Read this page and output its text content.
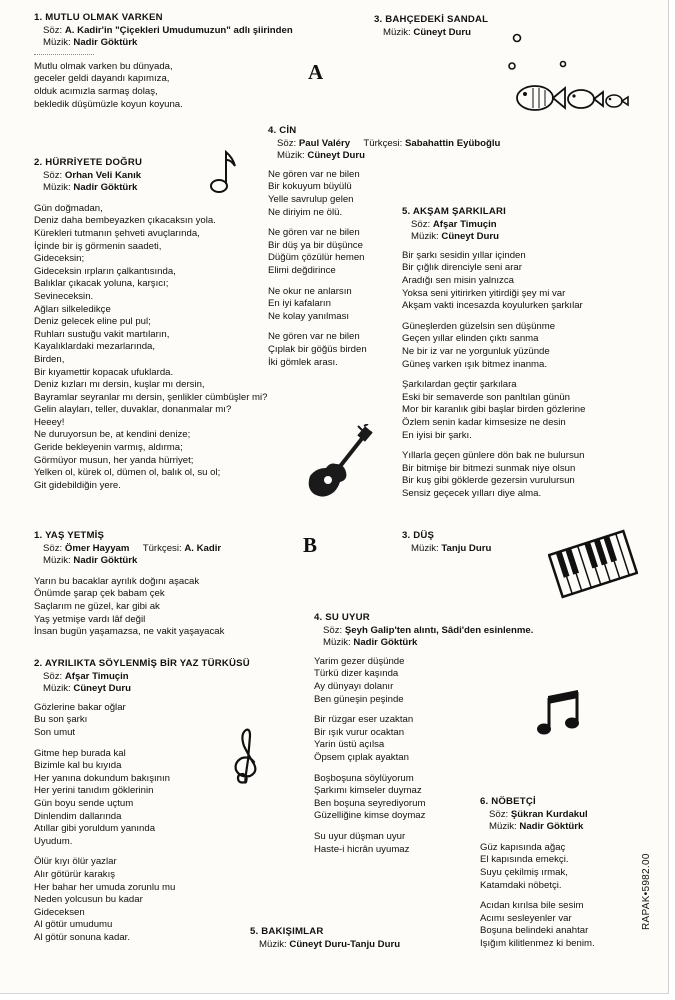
A
B
1. MUTLU OLMAK VARKEN
Söz: A. Kadir'in "Çiçekleri Umudumuzun" adlı şiirinden
Müzik: Nadir Göktürk
Mutlu olmak varken bu dünyada,
geceler geldi dayandı kapımıza,
olduk acımızla sarmaş dolaş,
bekledik düşümüzle koyun koyuna.
2. HÜRRİYETE DOĞRU
Söz: Orhan Veli Kanık
Müzik: Nadir Göktürk
Gün doğmadan,
Deniz daha bembeyazken çıkacaksın yola.
Kürekleri tutmanın şehveti avuçlarında,
İçinde bir iş görmenin saadeti,
Gideceksin;
Gideceksin ırpların çalkantısında,
Balıklar çıkacak yoluna, karşıcı;
Sevineceksin.
Ağları silkeledikçe
Deniz gelecek eline pul pul;
Ruhları sustuğu vakit martıların,
Kayalıklardaki mezarlarında,
Birden,
Bir kıyamettir kopacak ufuklarda.
Deniz kızları mı dersin, kuşlar mı dersin,
Bayramlar seyranlar mı dersin, şenlikler cümbüşler mi?
Gelin alayları, teller, duvaklar, donanmalar mı?
Heeey!
Ne duruyorsun be, at kendini denize;
Geride bekleyenin varmış, aldırma;
Görmüyor musun, her yanda hürriyet;
Yelken ol, kürek ol, dümen ol, balık ol, su ol;
Git gidebildiğin yere.
3. BAHÇEDEKİ SANDAL
Müzik: Cüneyt Duru
4. CİN
Söz: Paul Valéry Türkçesi: Sabahattin Eyüboğlu
Müzik: Cüneyt Duru
Ne gören var ne bilen
Bir kokuyum büyülü
Yelle savrulup gelen
Ne diriyim ne ölü.
Ne gören var ne bilen
Bir düş ya bir düşünce
Düğüm çözülür hemen
Elimi değdirince
Ne okur ne anlarsın
En iyi kafaların
Ne kolay yanılması
Ne gören var ne bilen
Çıplak bir göğüs birden
İki gömlek arası.
5. AKŞAM ŞARKILARI
Söz: Afşar Timuçin
Müzik: Cüneyt Duru
Bir şarkı sesidin yıllar içinden
Bir çığlık direnciyle seni arar
Aradığı sen misin yalnızca
Yoksa seni yitirirken yitirdiği şey mi var
Akşam vakti incesazda koyulurken şarkılar
Güneşlerden güzelsin sen düşünme
Geçen yıllar elinden çıktı sanma
Ne bir iz var ne yorgunluk yüzünde
Güneş varken ışık bitmez inanma.
Şarkılardan geçtir şarkılara
Eski bir semaverde son panltılan günün
Mor bir karanlık gibi başlar birden gözlerine
Özlem senin kadar kimsesize ne desin
En iyisi bir şarkı.
Yıllarla geçen günlere dön bak ne bulursun
Bir bitmişe bir bitmezi sunmak niye olsun
Bir kuş gibi göklerde gezersin vurulursun
Sensiz geçecek yılları diye alma.
1. YAŞ YETMİŞ
Söz: Ömer Hayyam Türkçesi: A. Kadir
Müzik: Nadir Göktürk
Yarın bu bacaklar ayrılık doğını aşacak
Önümde şarap çek babam çek
Saçlarım ne güzel, kar gibi ak
Yaş yetmişe vardı lâf değil
İnsan bugün yaşamazsa, ne vakit yaşayacak
2. AYRILIKTA SÖYLENMİŞ BİR YAZ TÜRKÜSÜ
Söz: Afşar Timuçin
Müzik: Cüneyt Duru
Gözlerine bakar oğlar
Bu son şarkı
Son umut
Gitme hep burada kal
Bizimle kal bu kıyıda
Her yanına dokundum bakışının
Her yerini tanıdım göklerinin
Gün boyu sende uçtum
Dinlendim dallarında
Atıllar gibi yoruldum yanında
Uyudum.
Ölür kıyı ölür yazlar
Alır götürür karakış
Her bahar her umuda zorunlu mu
Neden yolcusun bu kadar
Gideceksen
Al götür umudumu
Al götür sonuna kadar.
3. DÜŞ
Müzik: Tanju Duru
4. SU UYUR
Söz: Şeyh Galip'ten alıntı, Sâdi'den esinlenme.
Müzik: Nadir Göktürk
Yarim gezer düşünde
Türkü dizer kaşında
Ay dünyayı dolanır
Ben güneşin peşinde
Bir rüzgar eser uzaktan
Bir ışık vurur ocaktan
Yarin üstü açılsa
Öpsem çıplak ayaktan
Boşboşuna söylüyorum
Şarkımı kimseler duymaz
Ben boşuna seyrediyorum
Güzelliğine kimse doymaz
Su uyur düşman uyur
Haste-i hicrân uyumaz
5. BAKIŞIMLAR
Müzik: Cüneyt Duru-Tanju Duru
6. NÖBETÇİ
Söz: Şükran Kurdakul
Müzik: Nadir Göktürk
Güz kapısında ağaç
El kapısında emekçi.
Suyu çekilmiş ırmak,
Katamdaki nöbetçi.
Acıdan kırılsa bile sesim
Acımı sesleyenler var
Boşuna belindeki anahtar
Işığım kilitlenmez ki benim.
RAPAK•5982.00
